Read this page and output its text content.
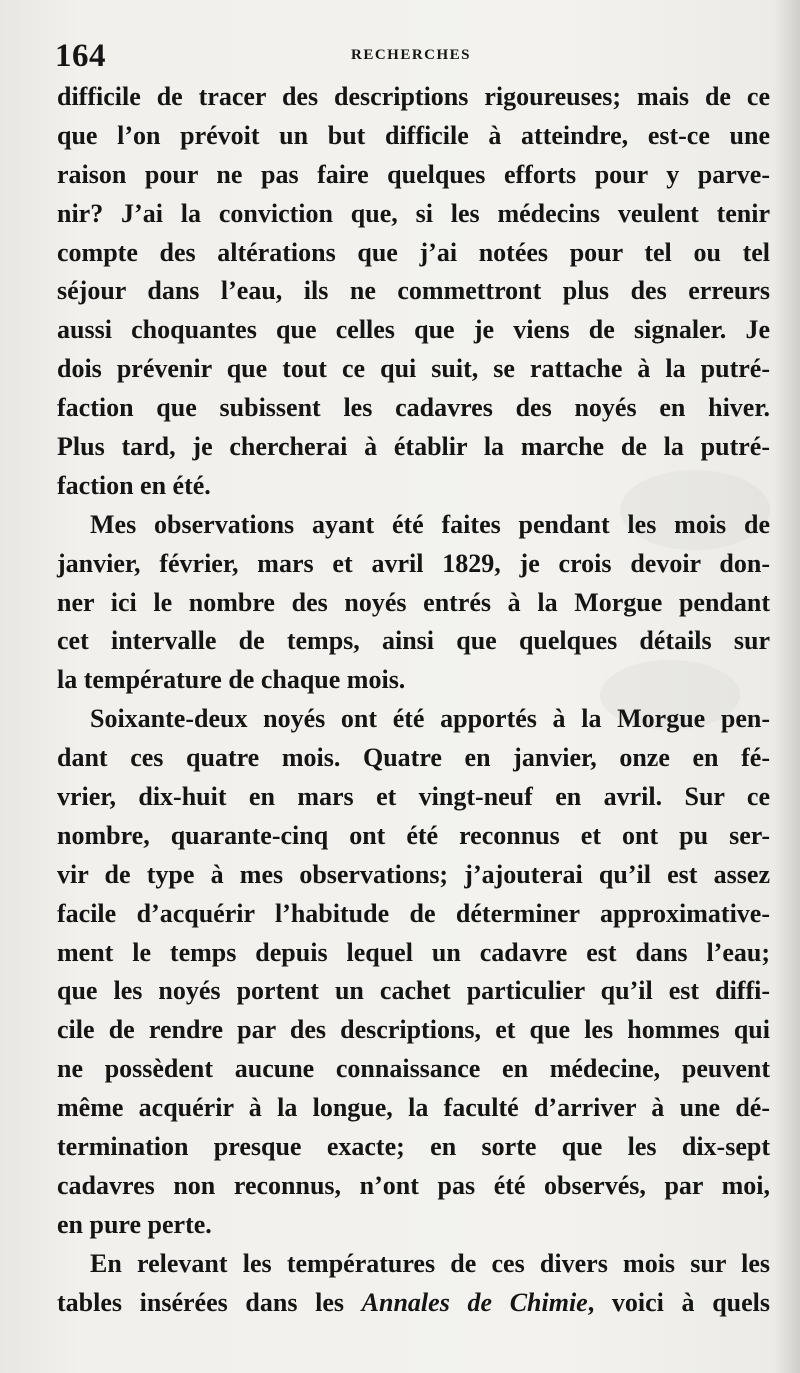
164	RECHERCHES
difficile de tracer des descriptions rigoureuses; mais de ce
que l’on prévoit un but difficile à atteindre, est-ce une
raison pour ne pas faire quelques efforts pour y parve-
nir? J’ai la conviction que, si les médecins veulent tenir
compte des altérations que j’ai notées pour tel ou tel
séjour dans l’eau, ils ne commettront plus des erreurs
aussi choquantes que celles que je viens de signaler. Je
dois prévenir que tout ce qui suit, se rattache à la putré-
faction que subissent les cadavres des noyés en hiver.
Plus tard, je chercherai à établir la marche de la putré-
faction en été.
Mes observations ayant été faites pendant les mois de
janvier, février, mars et avril 1829, je crois devoir don-
ner ici le nombre des noyés entrés à la Morgue pendant
cet intervalle de temps, ainsi que quelques détails sur
la température de chaque mois.
Soixante-deux noyés ont été apportés à la Morgue pen-
dant ces quatre mois. Quatre en janvier, onze en fé-
vrier, dix-huit en mars et vingt-neuf en avril. Sur ce
nombre, quarante-cinq ont été reconnus et ont pu ser-
vir de type à mes observations; j’ajouterai qu’il est assez
facile d’acquérir l’habitude de déterminer approximative-
ment le temps depuis lequel un cadavre est dans l’eau;
que les noyés portent un cachet particulier qu’il est diffi-
cile de rendre par des descriptions, et que les hommes qui
ne possèdent aucune connaissance en médecine, peuvent
même acquérir à la longue, la faculté d’arriver à une dé-
termination presque exacte; en sorte que les dix-sept
cadavres non reconnus, n’ont pas été observés, par moi,
en pure perte.
En relevant les températures de ces divers mois sur les
tables insérées dans les Annales de Chimie, voici à quels
